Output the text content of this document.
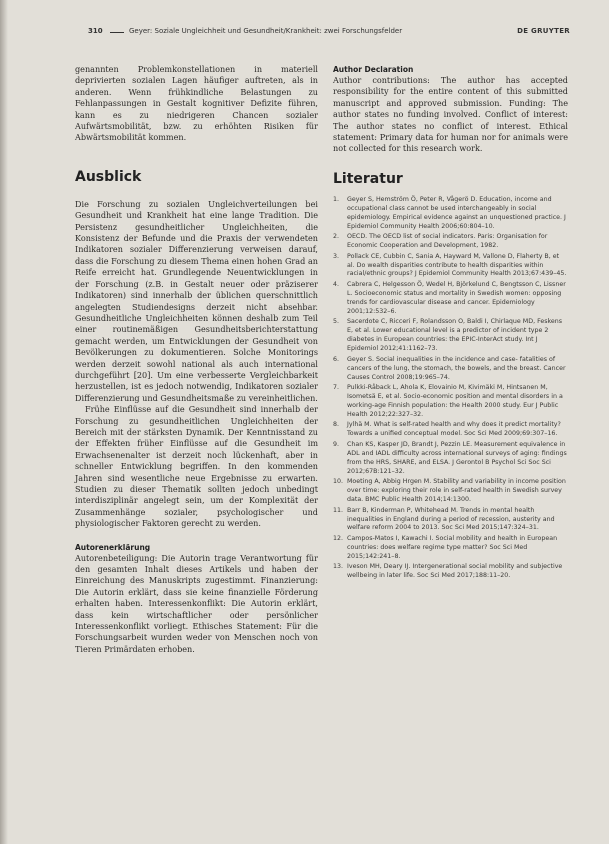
310	Geyer: Soziale Ungleichheit und Gesundheit/Krankheit: zwei Forschungsfelder	DE GRUYTER

genannten Problemkonstellationen in materiell deprivierten sozialen Lagen häufiger auftreten, als in anderen. Wenn frühkindliche Belastungen zu Fehlanpassungen in Gestalt kognitiver Defizite führen, kann es zu niedrigeren Chancen sozialer Aufwärtsmobilität, bzw. zu erhöhten Risiken für Abwärtsmobilität kommen.

Ausblick

Die Forschung zu sozialen Ungleichverteilungen bei Gesundheit und Krankheit hat eine lange Tradition. Die Persistenz gesundheitlicher Ungleichheiten, die Konsistenz der Befunde und die Praxis der verwendeten Indikatoren sozialer Differenzierung verweisen darauf, dass die Forschung zu diesem Thema einen hohen Grad an Reife erreicht hat. Grundlegende Neuentwicklungen in der Forschung (z.B. in Gestalt neuer oder präziserer Indikatoren) sind innerhalb der üblichen querschnittlich angelegten Studiendesigns derzeit nicht absehbar. Gesundheitliche Ungleichheiten können deshalb zum Teil einer routinemäßigen Gesundheitsberichterstattung gemacht werden, um Entwicklungen der Gesundheit von Bevölkerungen zu dokumentieren. Solche Monitorings werden derzeit sowohl national als auch international durchgeführt [20]. Um eine verbesserte Vergleichbarkeit herzustellen, ist es jedoch notwendig, Indikatoren sozialer Differenzierung und Gesundheitsmaße zu vereinheitlichen.

Frühe Einflüsse auf die Gesundheit sind innerhalb der Forschung zu gesundheitlichen Ungleichheiten der Bereich mit der stärksten Dynamik. Der Kenntnisstand zu der Effekten früher Einflüsse auf die Gesundheit im Erwachsenenalter ist derzeit noch lückenhaft, aber in schneller Entwicklung begriffen. In den kommenden Jahren sind wesentliche neue Ergebnisse zu erwarten. Studien zu dieser Thematik sollten jedoch unbedingt interdisziplinär angelegt sein, um der Komplexität der Zusammenhänge sozialer, psychologischer und physiologischer Faktoren gerecht zu werden.

Autorenerklärung

Autorenbeteiligung: Die Autorin trage Verantwortung für den gesamten Inhalt dieses Artikels und haben der Einreichung des Manuskripts zugestimmt. Finanzierung: Die Autorin erklärt, dass sie keine finanzielle Förderung erhalten haben. Interessenkonflikt: Die Autorin erklärt, dass kein wirtschaftlicher oder persönlicher Interessenkonflikt vorliegt. Ethisches Statement: Für die Forschungsarbeit wurden weder von Menschen noch von Tieren Primärdaten erhoben.

Author Declaration

Author contributions: The author has accepted responsibility for the entire content of this submitted manuscript and approved submission. Funding: The author states no funding involved. Conflict of interest: The author states no conflict of interest. Ethical statement: Primary data for human nor for animals were not collected for this research work.

Literatur
1. Geyer S, Hemström Ö, Peter R, Vågerö D. Education, income and occupational class cannot be used interchangeably in social epidemiology. Empirical evidence against an unquestioned practice. J Epidemiol Community Health 2006;60:804–10.
2. OECD. The OECD list of social indicators. Paris: Organisation for Economic Cooperation and Development, 1982.
3. Pollack CE, Cubbin C, Sania A, Hayward M, Vallone D, Flaherty B, et al. Do wealth disparities contribute to health disparities within racial/ethnic groups? J Epidemiol Community Health 2013;67:439–45.
4. Cabrera C, Helgesson Ö, Wedel H, Björkelund C, Bengtsson C, Lissner L. Socioeconomic status and mortality in Swedish women: opposing trends for cardiovascular disease and cancer. Epidemiology 2001;12:532–6.
5. Sacerdote C, Ricceri F, Rolandsson O, Baldi I, Chirlaque MD, Feskens E, et al. Lower educational level is a predictor of incident type 2 diabetes in European countries: the EPIC-InterAct study. Int J Epidemiol 2012;41:1162–73.
6. Geyer S. Social inequalities in the incidence and case- fatalities of cancers of the lung, the stomach, the bowels, and the breast. Cancer Causes Control 2008;19:965–74.
7. Pulkki-Råback L, Ahola K, Elovainio M, Kivimäki M, Hintsanen M, Isometsä E, et al. Socio-economic position and mental disorders in a working-age Finnish population: the Health 2000 study. Eur J Public Health 2012;22:327–32.
8. Jylhä M. What is self-rated health and why does it predict mortality? Towards a unified conceptual model. Soc Sci Med 2009;69:307–16.
9. Chan KS, Kasper JD, Brandt J, Pezzin LE. Measurement equivalence in ADL and IADL difficulty across international surveys of aging: findings from the HRS, SHARE, and ELSA. J Gerontol B Psychol Sci Soc Sci 2012;67B:121–32.
10. Moeting A, Abbig Hrgen M. Stability and variability in income position over time: exploring their role in self-rated health in Swedish survey data. BMC Public Health 2014;14:1300.
11. Barr B, Kinderman P, Whitehead M. Trends in mental health inequalities in England during a period of recession, austerity and welfare reform 2004 to 2013. Soc Sci Med 2015;147:324–31.
12. Campos-Matos I, Kawachi I. Social mobility and health in European countries: does welfare regime type matter? Soc Sci Med 2015;142:241–8.
13. Iveson MH, Deary IJ. Intergenerational social mobility and subjective wellbeing in later life. Soc Sci Med 2017;188:11–20.
